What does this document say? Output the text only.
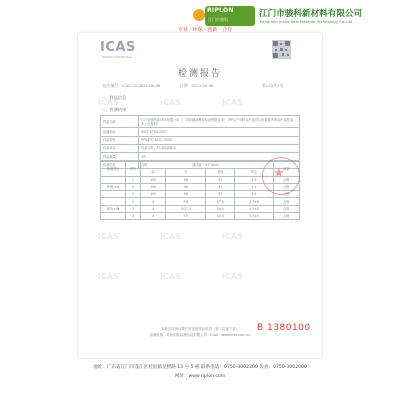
RIPLON
江门市骏科
江门市骏科新材料有限公司
Jiangmen Junke New Material Technology Co.,Ltd
专业 · 环保 · 创新 · 合作
ICAS	ICAS	ICAS
ICAS	ICAS	ICAS
ICAS	ICAS	ICAS
ICAS
INTERCONTINENTAL
检测报告
报告编号：ICAS-24-0811-06-06	日期：2024-08-06	第1页/共2页
一、样品信息
二、检测结果
样品名称	江门市骏科新材料有限公司（二次印刷油墨检验流程报告用）（PP生产用阿克苏诺贝尔色浆系列所用色浆样品，未上色材料）
检测项目	GB/T 9754-2007
样品型号	TPU系列 ATEC-3000
样品状态	样品完好，符合检测要求
样品数量	1件
检测结论	合格
检测项目	样号	测试值（±7°/mm）				结果
		前	后	差值	判定	
	1	100	98	97	1.5	合格
外观 1:8	2	100	98	97	1.5	合格
	3	100	98	97	1.5	合格
	1	4	7.8	47.0	4.3±0	合格
颜色 L/N	2	4	2/37.4	44.0	4.3±0	合格
	3	4	7.5	44.0	4.3±0	合格
★
本报告检测结果仅对送检样品负责（第二页接下页）
检测机构：苏州国际检测认证有限公司 · ICAS · www.icas.com.cn
B 1380100
地址：广东省江门市蓬江区杜阮镇龙榜路 13 号 5 栋 联系电话：0750-3002200 传真：0750-3002000
网址：www.riplon.com
